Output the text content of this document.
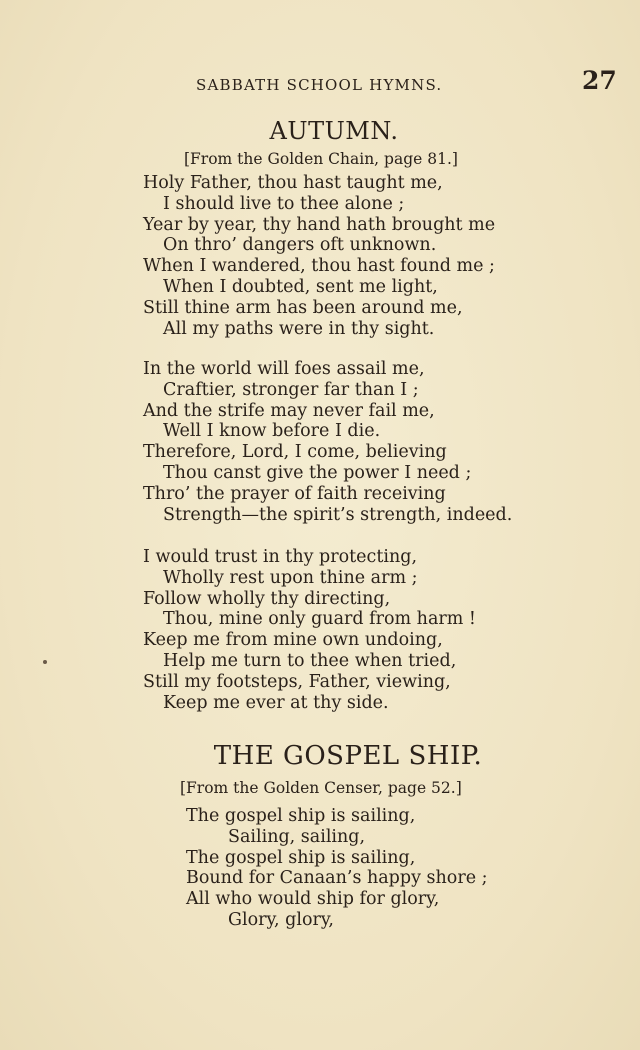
SABBATH SCHOOL HYMNS.	27
AUTUMN.
[From the Golden Chain, page 81.]
Holy Father, thou hast taught me,
I should live to thee alone ;
Year by year, thy hand hath brought me
On thro’ dangers oft unknown.
When I wandered, thou hast found me ;
When I doubted, sent me light,
Still thine arm has been around me,
All my paths were in thy sight.
In the world will foes assail me,
Craftier, stronger far than I ;
And the strife may never fail me,
Well I know before I die.
Therefore, Lord, I come, believing
Thou canst give the power I need ;
Thro’ the prayer of faith receiving
Strength—the spirit’s strength, indeed.
I would trust in thy protecting,
Wholly rest upon thine arm ;
Follow wholly thy directing,
Thou, mine only guard from harm !
Keep me from mine own undoing,
Help me turn to thee when tried,
Still my footsteps, Father, viewing,
Keep me ever at thy side.
THE GOSPEL SHIP.
[From the Golden Censer, page 52.]
The gospel ship is sailing,
Sailing, sailing,
The gospel ship is sailing,
Bound for Canaan’s happy shore ;
All who would ship for glory,
Glory, glory,
